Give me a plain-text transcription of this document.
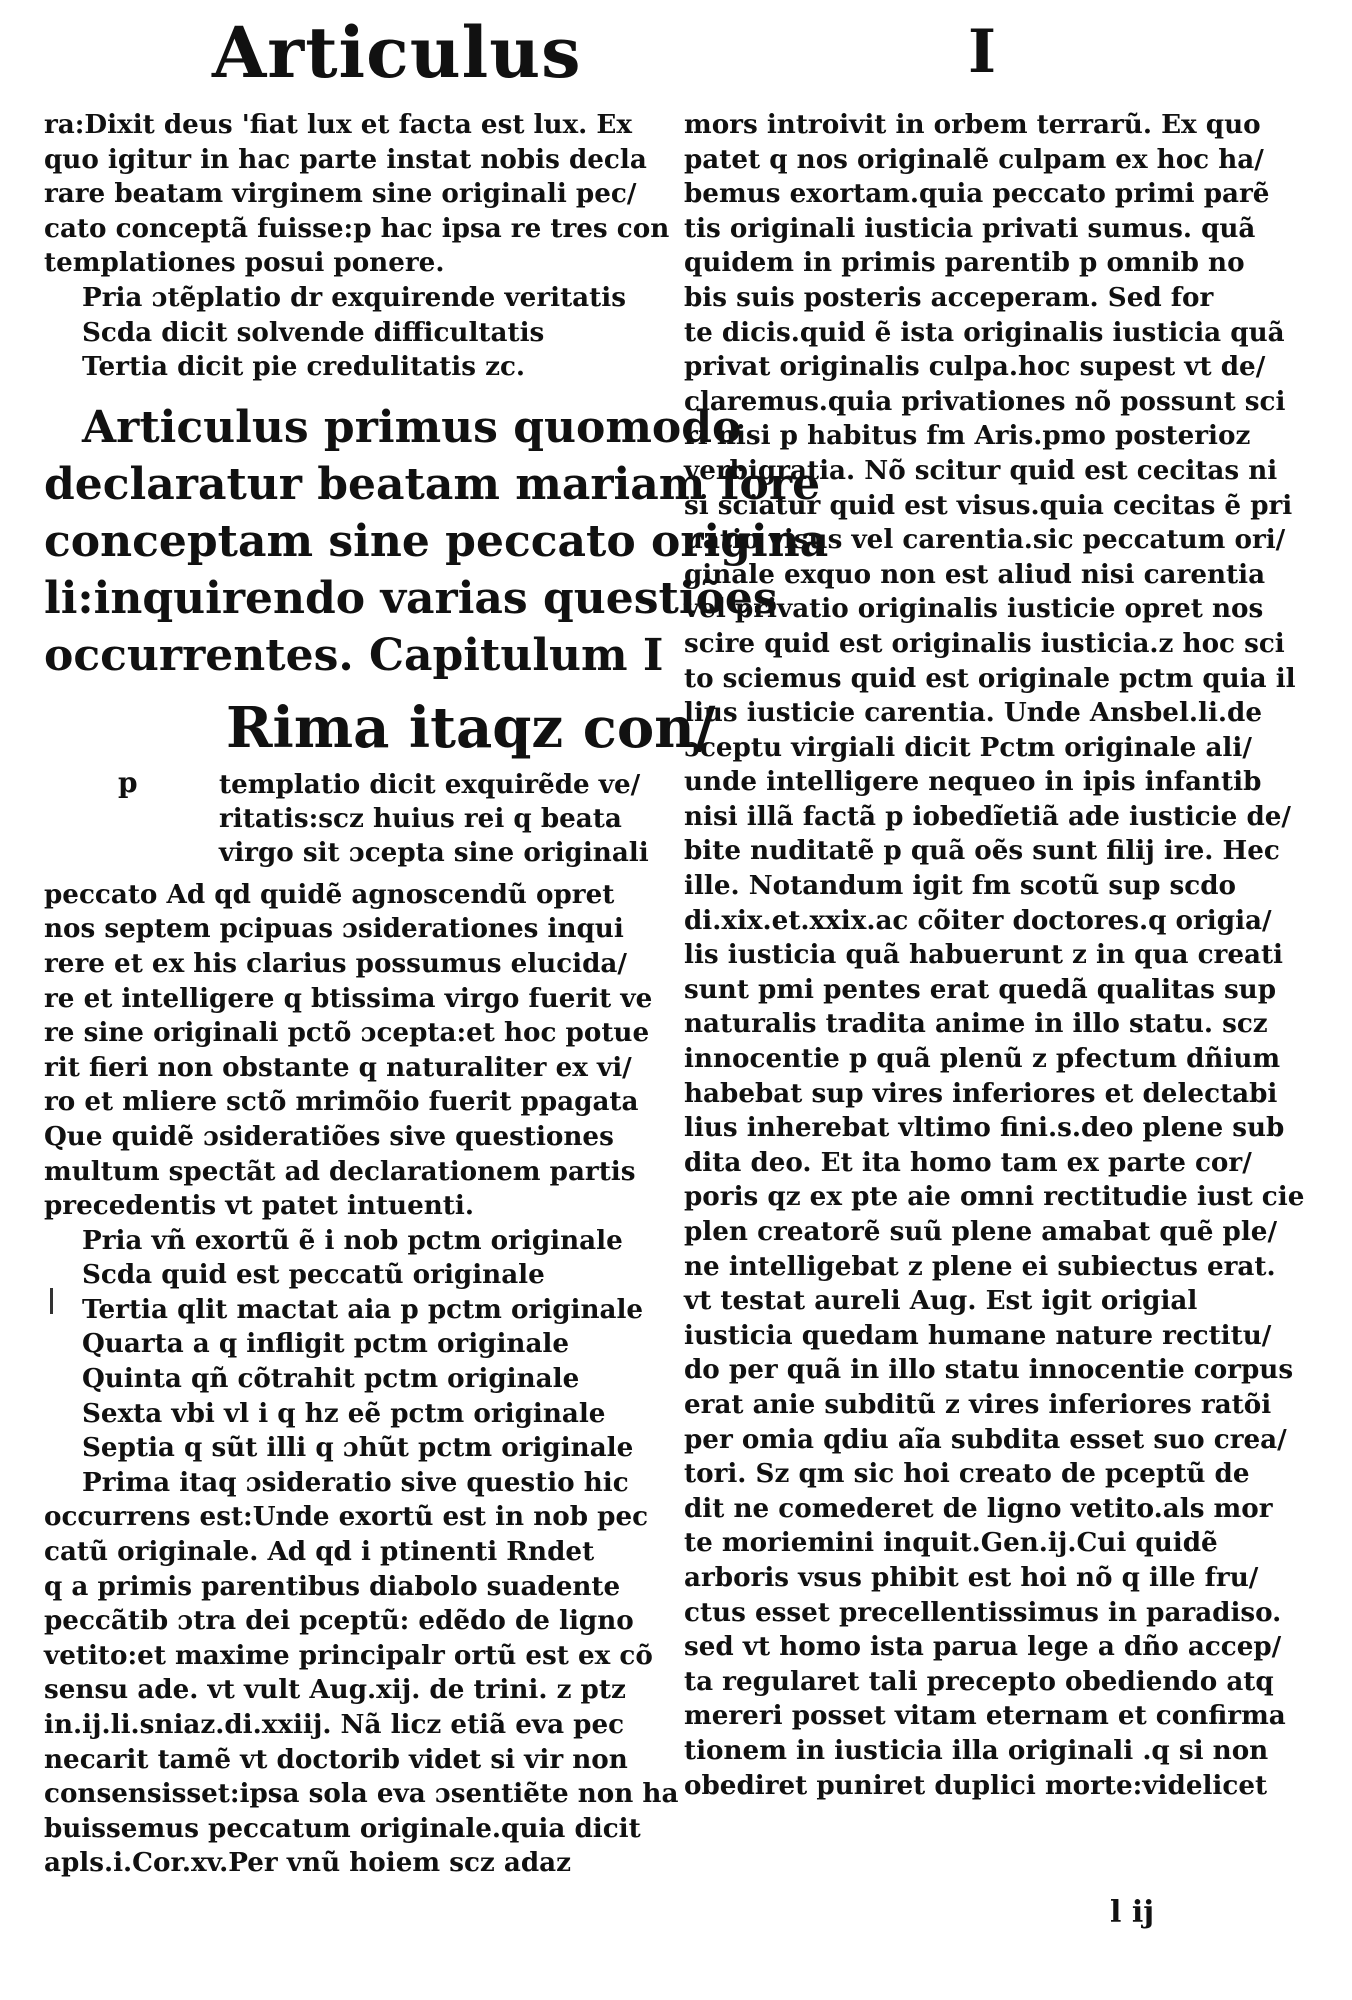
Articulus	I
ra:Dixit deus 'fiat lux et facta est lux. Ex
quo igitur in hac parte instat nobis decla
rare beatam virginem sine originali pec/
cato conceptã fuisse:p hac ipsa re tres con
templationes posui ponere.
Pria ɔtẽplatio dr exquirende veritatis
Scda dicit solvende difficultatis
Tertia dicit pie credulitatis zc.
Articulus primus quomodo
declaratur beatam mariam fore
conceptam sine peccato origina
li:inquirendo varias questiões
occurrentes. Capitulum I
Rima itaqz con/
p	templatio dicit exquirẽde ve/
ritatis:scz huius rei q beata
virgo sit ɔcepta sine originali
peccato Ad qd quidẽ agnoscendũ opret
nos septem pcipuas ɔsiderationes inqui
rere et ex his clarius possumus elucida/
re et intelligere q btissima virgo fuerit ve
re sine originali pctõ ɔcepta:et hoc potue
rit fieri non obstante q naturaliter ex vi/
ro et mliere sctõ mrimõio fuerit ppagata
Que quidẽ ɔsideratiões sive questiones
multum spectãt ad declarationem partis
precedentis vt patet intuenti.
Pria vñ exortũ ẽ i nob pctm originale
Scda quid est peccatũ originale
Tertia qlit mactat aia p pctm originale
Quarta a q infligit pctm originale
Quinta qñ cõtrahit pctm originale
Sexta vbi vl i q hz eẽ pctm originale
Septia q sũt illi q ɔhũt pctm originale
Prima itaq ɔsideratio sive questio hic
occurrens est:Unde exortũ est in nob pec
catũ originale. Ad qd i ptinenti Rndet
q a primis parentibus diabolo suadente
peccãtib ɔtra dei pceptũ: edẽdo de ligno
vetito:et maxime principalr ortũ est ex cõ
sensu ade. vt vult Aug.xij. de trini. z ptz
in.ij.li.sniaz.di.xxiij. Nã licz etiã eva pec
necarit tamẽ vt doctorib videt si vir non
consensisset:ipsa sola eva ɔsentiẽte non ha
buissemus peccatum originale.quia dicit
apls.i.Cor.xv.Per vnũ hoiem scz adaz
mors introivit in orbem terrarũ. Ex quo
patet q nos originalẽ culpam ex hoc ha/
bemus exortam.quia peccato primi parẽ
tis originali iusticia privati sumus. quã
quidem in primis parentib p omnib no
bis suis posteris acceperam. Sed for
te dicis.quid ẽ ista originalis iusticia quã
privat originalis culpa.hoc supest vt de/
claremus.quia privationes nõ possunt sci
ri nisi p habitus fm Aris.pmo posterioz
verbigratia. Nõ scitur quid est cecitas ni
si sciatur quid est visus.quia cecitas ẽ pri
uatio visus vel carentia.sic peccatum ori/
ginale exquo non est aliud nisi carentia
vel privatio originalis iusticie opret nos
scire quid est originalis iusticia.z hoc sci
to sciemus quid est originale pctm quia il
lius iusticie carentia. Unde Ansbel.li.de
ɔceptu virgiali dicit Pctm originale ali/
unde intelligere nequeo in ipis infantib
nisi illã factã p iobedĩetiã ade iusticie de/
bite nuditatẽ p quã oẽs sunt filij ire. Hec
ille. Notandum igit fm scotũ sup scdo
di.xix.et.xxix.ac cõiter doctores.q origia/
lis iusticia quã habuerunt z in qua creati
sunt pmi pentes erat quedã qualitas sup
naturalis tradita anime in illo statu. scz
innocentie p quã plenũ z pfectum dñium
habebat sup vires inferiores et delectabi
lius inherebat vltimo fini.s.deo plene sub
dita deo. Et ita homo tam ex parte cor/
poris qz ex pte aie omni rectitudie iust cie
plen creatorẽ suũ plene amabat quẽ ple/
ne intelligebat z plene ei subiectus erat.
vt testat aureli Aug. Est igit origial
iusticia quedam humane nature rectitu/
do per quã in illo statu innocentie corpus
erat anie subditũ z vires inferiores ratõi
per omia qdiu aĩa subdita esset suo crea/
tori. Sz qm sic hoi creato de pceptũ de
dit ne comederet de ligno vetito.als mor
te moriemini inquit.Gen.ij.Cui quidẽ
arboris vsus phibit est hoi nõ q ille fru/
ctus esset precellentissimus in paradiso.
sed vt homo ista parua lege a dño accep/
ta regularet tali precepto obediendo atq
mereri posset vitam eternam et confirma
tionem in iusticia illa originali .q si non
obediret puniret duplici morte:videlicet
l ij
